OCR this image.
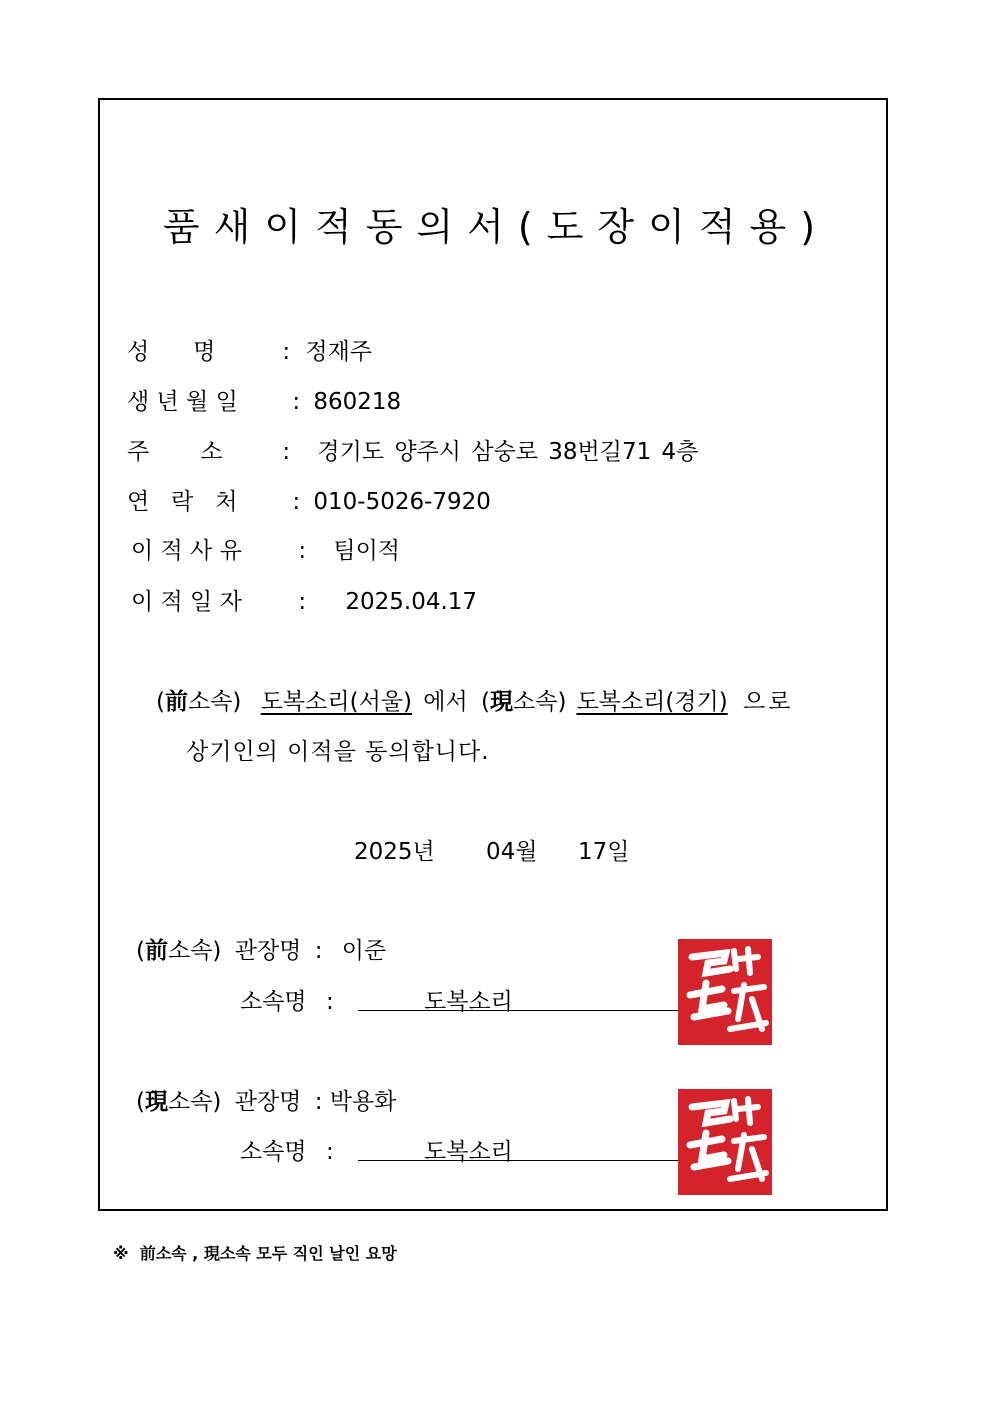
품새이적동의서(도장이적용)
성      명	: 정재주
생 년 월 일 : 860218
주       소	: 경기도 양주시 삼숭로 38번길71 4층
연   락   처 : 010-5026-7920
이 적 사 유 : 팀이적
이 적 일 자 : 2025.04.17
(前소속) 도복소리(서울) 에서 (現소속) 도복소리(경기) 으로
상기인의 이적을 동의합니다.
2025년 04월 17일
(前소속) 관장명 : 이준
소속명 :	도복소리
(現소속) 관장명 : 박용화
소속명 :	도복소리
※  前소속 , 現소속 모두 직인 날인 요망
